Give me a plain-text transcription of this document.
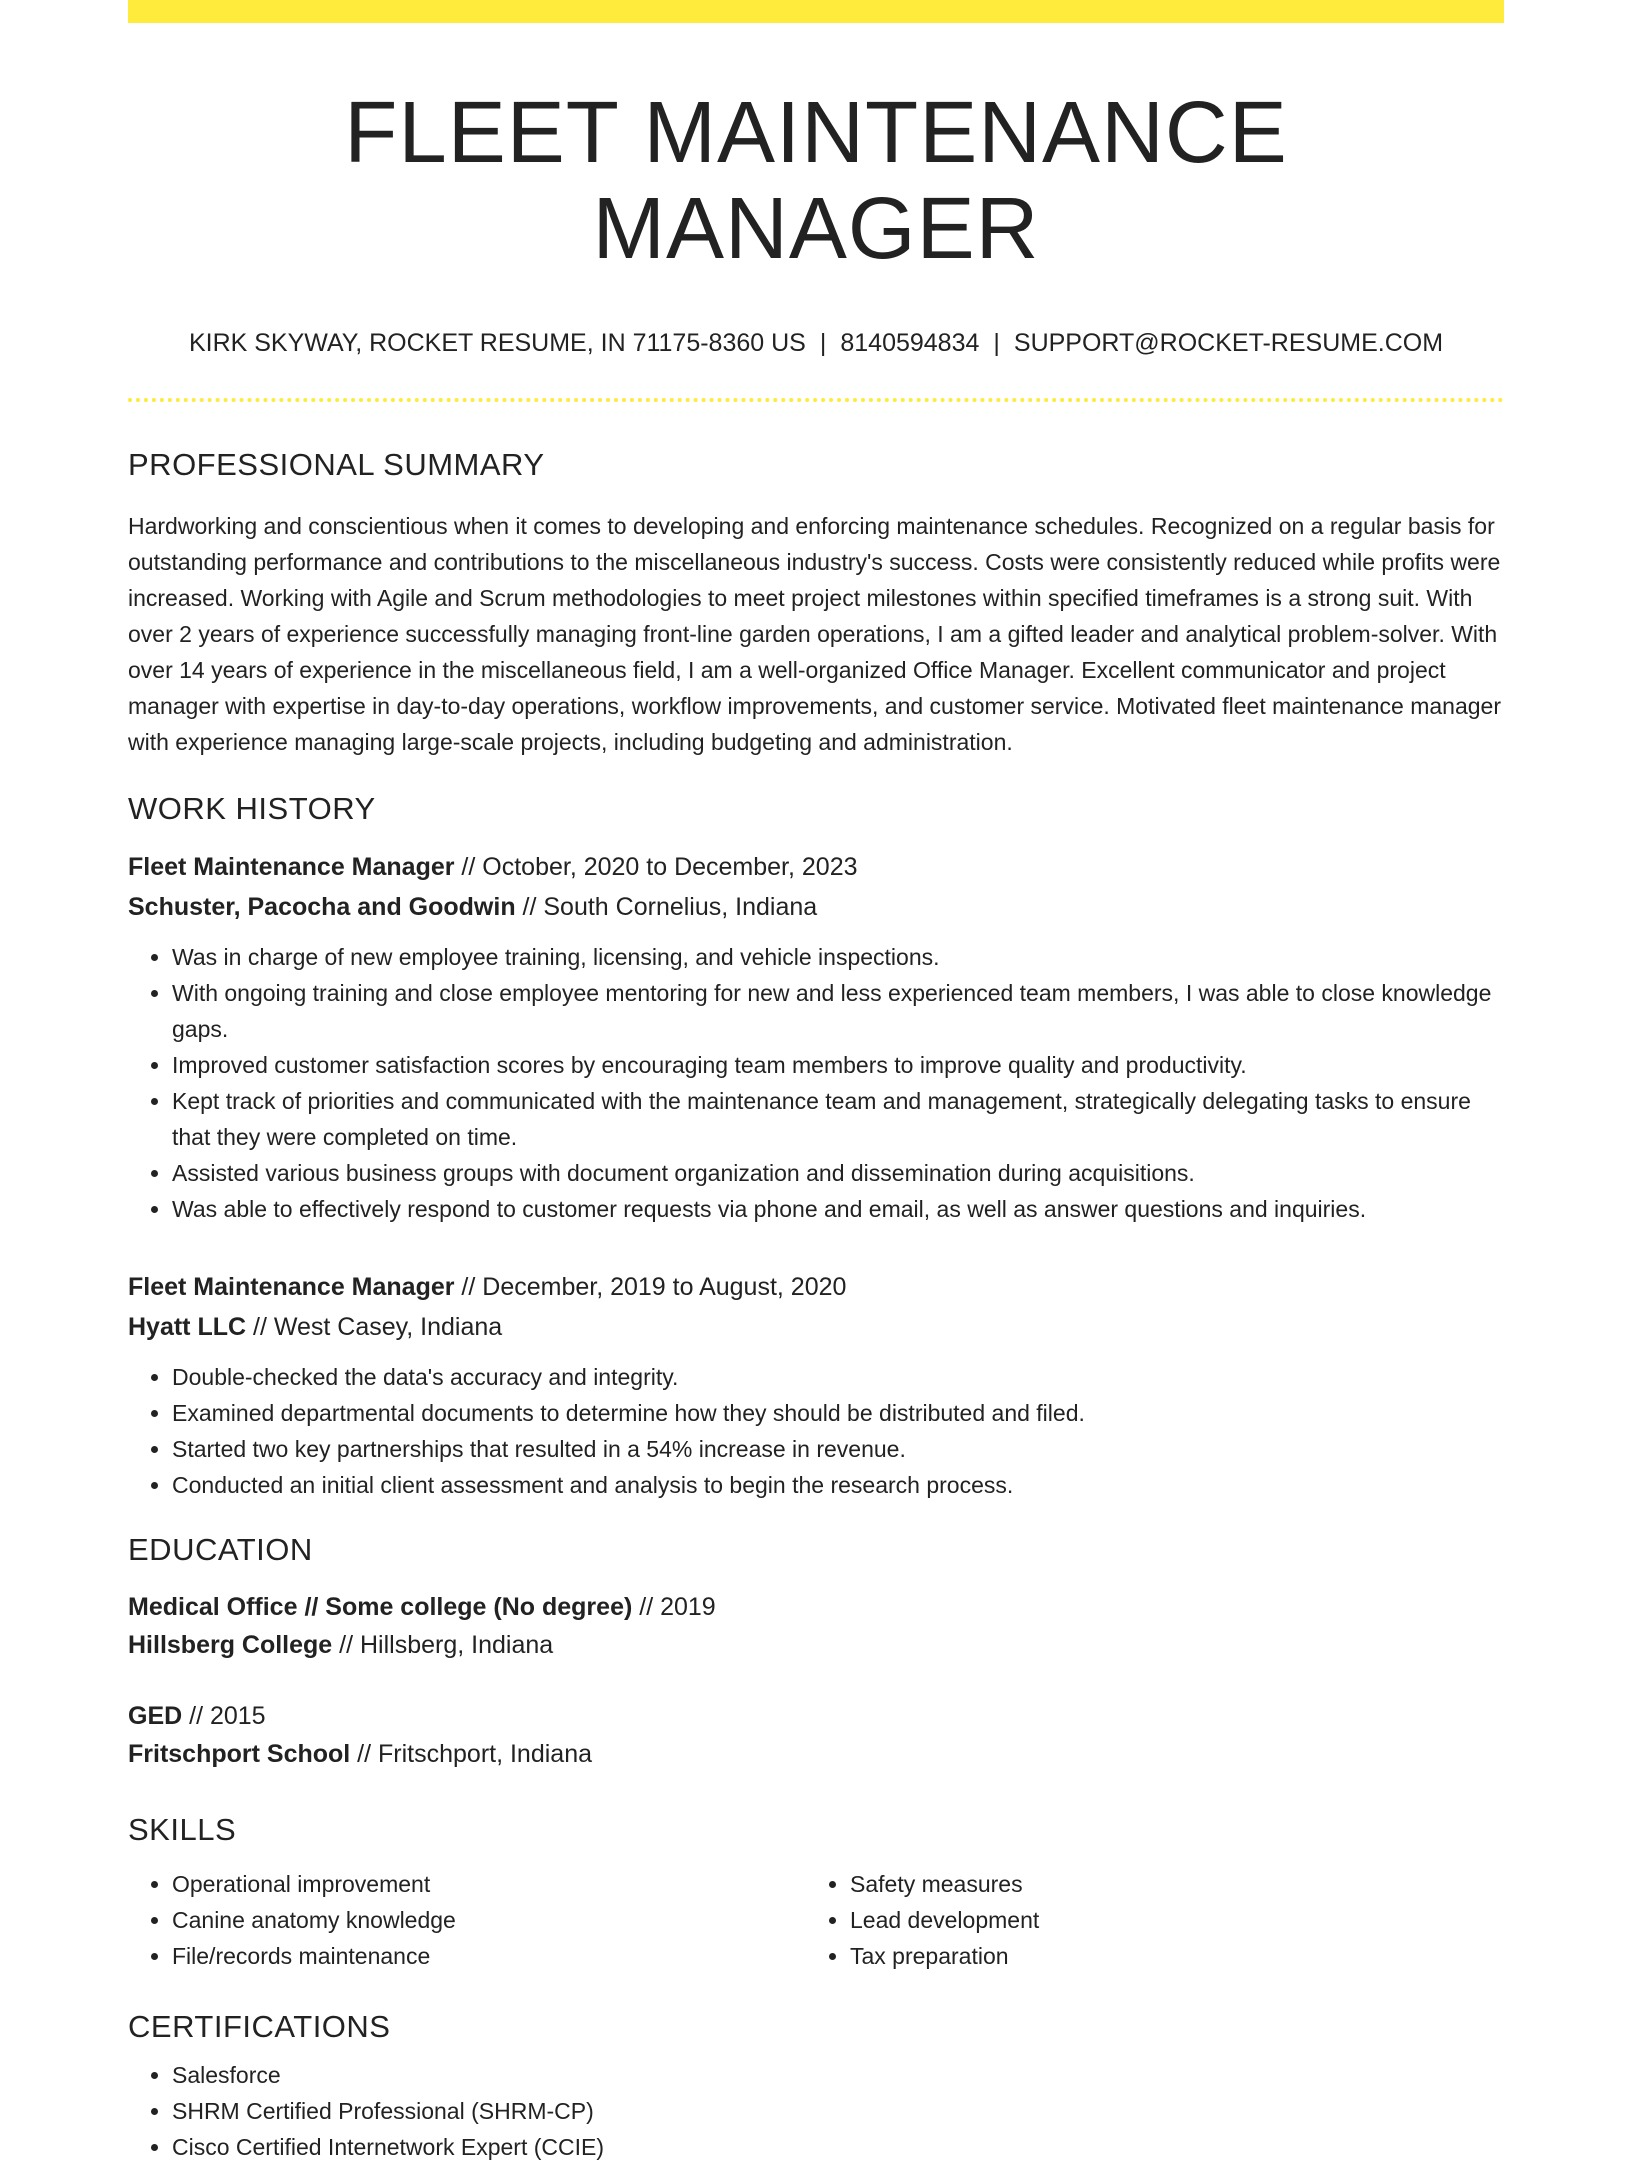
FLEET MAINTENANCE MANAGER
KIRK SKYWAY, ROCKET RESUME, IN 71175-8360 US | 8140594834 | SUPPORT@ROCKET-RESUME.COM
PROFESSIONAL SUMMARY

Hardworking and conscientious when it comes to developing and enforcing maintenance schedules. Recognized on a regular basis for outstanding performance and contributions to the miscellaneous industry's success. Costs were consistently reduced while profits were increased. Working with Agile and Scrum methodologies to meet project milestones within specified timeframes is a strong suit. With over 2 years of experience successfully managing front-line garden operations, I am a gifted leader and analytical problem-solver. With over 14 years of experience in the miscellaneous field, I am a well-organized Office Manager. Excellent communicator and project manager with expertise in day-to-day operations, workflow improvements, and customer service. Motivated fleet maintenance manager with experience managing large-scale projects, including budgeting and administration.

WORK HISTORY
Fleet Maintenance Manager // October, 2020 to December, 2023
Schuster, Pacocha and Goodwin // South Cornelius, Indiana
• Was in charge of new employee training, licensing, and vehicle inspections.
• With ongoing training and close employee mentoring for new and less experienced team members, I was able to close knowledge gaps.
• Improved customer satisfaction scores by encouraging team members to improve quality and productivity.
• Kept track of priorities and communicated with the maintenance team and management, strategically delegating tasks to ensure that they were completed on time.
• Assisted various business groups with document organization and dissemination during acquisitions.
• Was able to effectively respond to customer requests via phone and email, as well as answer questions and inquiries.
Fleet Maintenance Manager // December, 2019 to August, 2020
Hyatt LLC // West Casey, Indiana
• Double-checked the data's accuracy and integrity.
• Examined departmental documents to determine how they should be distributed and filed.
• Started two key partnerships that resulted in a 54% increase in revenue.
• Conducted an initial client assessment and analysis to begin the research process.
EDUCATION
Medical Office // Some college (No degree) // 2019
Hillsberg College // Hillsberg, Indiana
GED // 2015
Fritschport School // Fritschport, Indiana
SKILLS
• Operational improvement
• Canine anatomy knowledge
• File/records maintenance
• Safety measures
• Lead development
• Tax preparation
CERTIFICATIONS
• Salesforce
• SHRM Certified Professional (SHRM-CP)
• Cisco Certified Internetwork Expert (CCIE)
